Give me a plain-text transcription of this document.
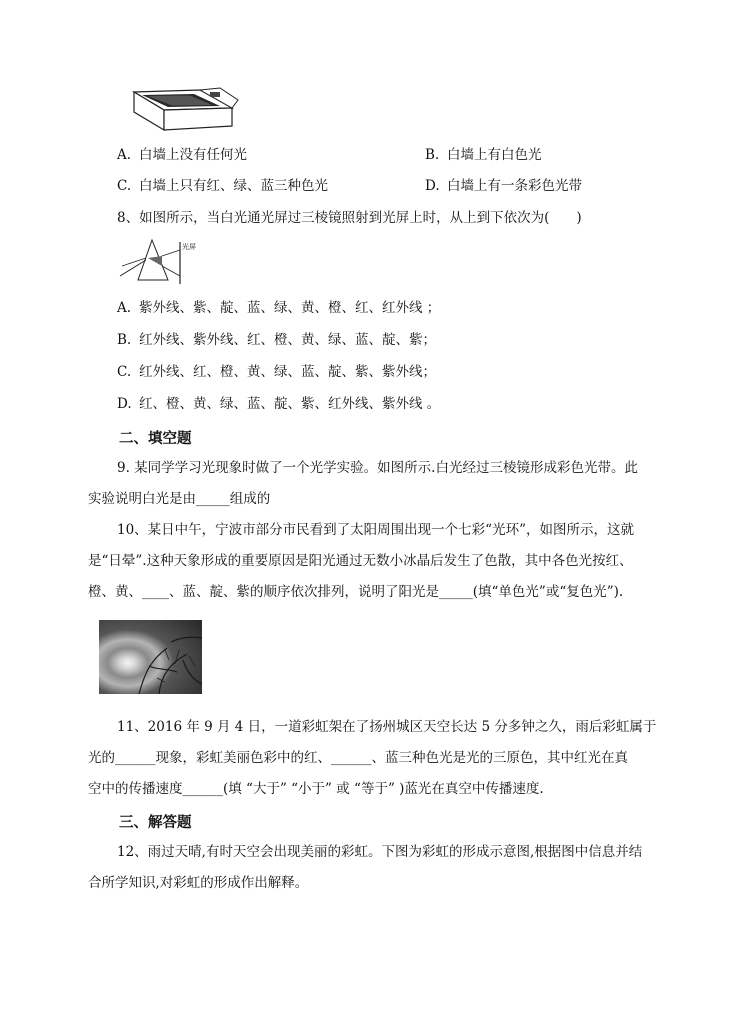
A. 白墙上没有任何光	B. 白墙上有白色光
C. 白墙上只有红、绿、蓝三种色光	D. 白墙上有一条彩色光带
8、如图所示，当白光通光屏过三棱镜照射到光屏上时，从上到下依次为(　　)
光屏
A. 紫外线、紫、靛、蓝、绿、黄、橙、红、红外线 ；
B. 红外线、紫外线、红、橙、黄、绿、蓝、靛、紫；
C. 红外线、红、橙、黄、绿、蓝、靛、紫、紫外线；
D. 红、橙、黄、绿、蓝、靛、紫、红外线、紫外线 。
二、填空题
9. 某同学学习光现象时做了一个光学实验。如图所示.白光经过三棱镜形成彩色光带。此
实验说明白光是由_____组成的
10、某日中午，宁波市部分市民看到了太阳周围出现一个七彩“光环”，如图所示，这就
是“日晕”.这种天象形成的重要原因是阳光通过无数小冰晶后发生了色散，其中各色光按红、
橙、黄、____、蓝、靛、紫的顺序依次排列，说明了阳光是_____(填“单色光”或“复色光”).
11、2016 年 9 月 4 日，一道彩虹架在了扬州城区天空长达 5 分多钟之久，雨后彩虹属于
光的______现象，彩虹美丽色彩中的红、______、蓝三种色光是光的三原色，其中红光在真
空中的传播速度______(填 “大于” “小于” 或 “等于” )蓝光在真空中传播速度.
三、解答题
12、雨过天晴,有时天空会出现美丽的彩虹。下图为彩虹的形成示意图,根据图中信息并结
合所学知识,对彩虹的形成作出解释。
